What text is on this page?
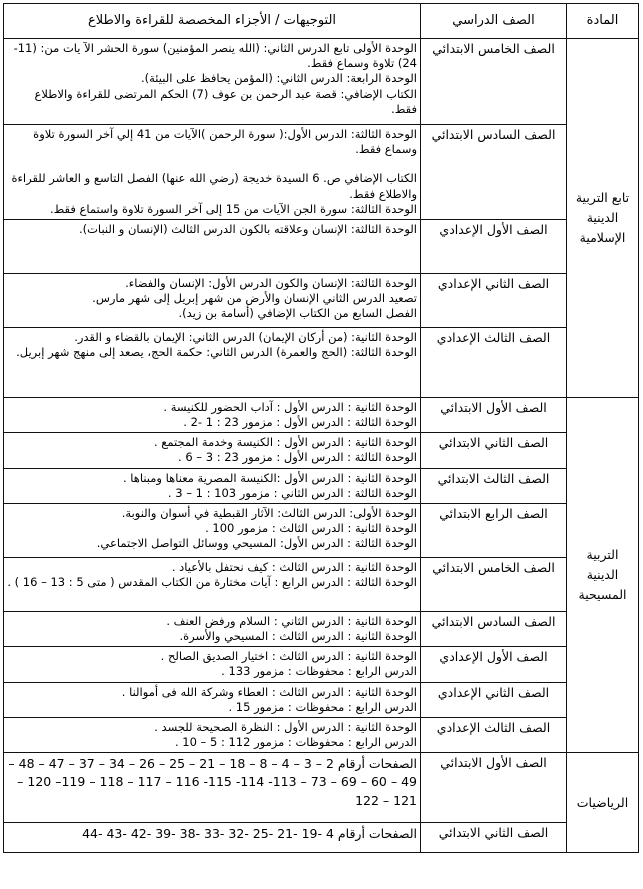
المادة	الصف الدراسي	التوجيهات / الأجزاء المخصصة للقراءة والاطلاع
تابع التربية الدينية الإسلامية	الصف الخامس الابتدائي	الوحدة الأولى تابع الدرس الثاني: (الله ينصر المؤمنين) سورة الحشر الآ يات من: (11-24) تلاوة وسماع فقط.
الوحدة الرابعة: الدرس الثاني: (المؤمن يحافظ على البيئة).
الكتاب الإضافي: قصة عبد الرحمن بن عوف (7) الحكم المرتضى للقراءة والاطلاع فقط.

	الصف السادس الابتدائي	الوحدة الثالثة: الدرس الأول:( سورة الرحمن )الآيات من 41 إلي آخر السورة تلاوة وسماع فقط.
الكتاب الإضافي ص. 6 السيدة خديجة (رضي الله عنها) الفصل التاسع و العاشر للقراءة والاطلاع فقط.
الوحدة الثالثة: سورة الجن الآيات من 15 إلى آخر السورة تلاوة واستماع فقط.

	الصف الأول الإعدادي	الوحدة الثالثة: الإنسان وعلاقته بالكون الدرس الثالث (الإنسان و النبات).

	الصف الثاني الإعدادي	الوحدة الثالثة: الإنسان والكون الدرس الأول: الإنسان والفضاء.
تصعيد الدرس الثاني الإنسان والأرض من شهر إبريل إلى شهر مارس.
الفصل السابع من الكتاب الإضافي (أسامة بن زيد).

	الصف الثالث الإعدادي	الوحدة الثانية: (من أركان الإيمان) الدرس الثاني: الإيمان بالقضاء و القدر.
الوحدة الثالثة: (الحج والعمرة) الدرس الثاني: حكمة الحج، يصعد إلى منهج شهر إبريل.

التربية الدينية المسيحية	الصف الأول الابتدائي	الوحدة الثانية : الدرس الأول : آداب الحضور للكنيسة .
الوحدة الثالثة : الدرس الأول : مزمور 23 : 1 -2 .

	الصف الثاني الابتدائي	الوحدة الثانية : الدرس الأول : الكنيسة وخدمة المجتمع .
الوحدة الثالثة : الدرس الأول : مزمور 23 : 3 – 6 .

	الصف الثالث الابتدائي	الوحدة الثانية : الدرس الأول :الكنيسة المصرية معناها ومبناها .
الوحدة الثالثة : الدرس الثاني : مزمور 103 : 1 – 3 .

	الصف الرابع الابتدائي	الوحدة الأولى: الدرس الثالث: الآثار القبطية في أسوان والنوبة.
الوحدة الثانية : الدرس الثالث : مزمور 100 .
الوحدة الثالثة : الدرس الأول: المسيحي ووسائل التواصل الاجتماعي.

	الصف الخامس الابتدائي	الوحدة الثانية : الدرس الثالث : كيف نحتفل بالأعياد .
الوحدة الثالثة : الدرس الرابع : آيات مختارة من الكتاب المقدس ( متى 5 : 13 – 16 ) .

	الصف السادس الابتدائي	الوحدة الثانية : الدرس الثاني : السلام ورفض العنف .
الوحدة الثانية : الدرس الثالث : المسيحي والأسرة.

	الصف الأول الإعدادي	الوحدة الثانية : الدرس الثالث : اختيار الصديق الصالح .
الدرس الرابع : محفوظات : مزمور 133 .

	الصف الثاني الإعدادي	الوحدة الثانية : الدرس الثالث : العطاء وشركة الله فى أموالنا .
الدرس الرابع : محفوظات : مزمور 15 .

	الصف الثالث الإعدادي	الوحدة الثانية : الدرس الأول : النظرة الصحيحة للجسد .
الدرس الرابع : محفوظات : مزمور 112 : 5 – 10 .

الرياضيات	الصف الأول الابتدائي	الصفحات أرقام 2 – 3 – 4 – 8 – 18 – 21 – 25 – 26 – 34 – 37 – 47 – 48 – 49 – 60 – 69 – 73 – 113- 114- 115- 116 – 117 – 118 – 119– 120 –121 – 122

	الصف الثاني الابتدائي	الصفحات أرقام 4 -19 -21 -25 -32 -33 -38 -39 -42 -43 -44
